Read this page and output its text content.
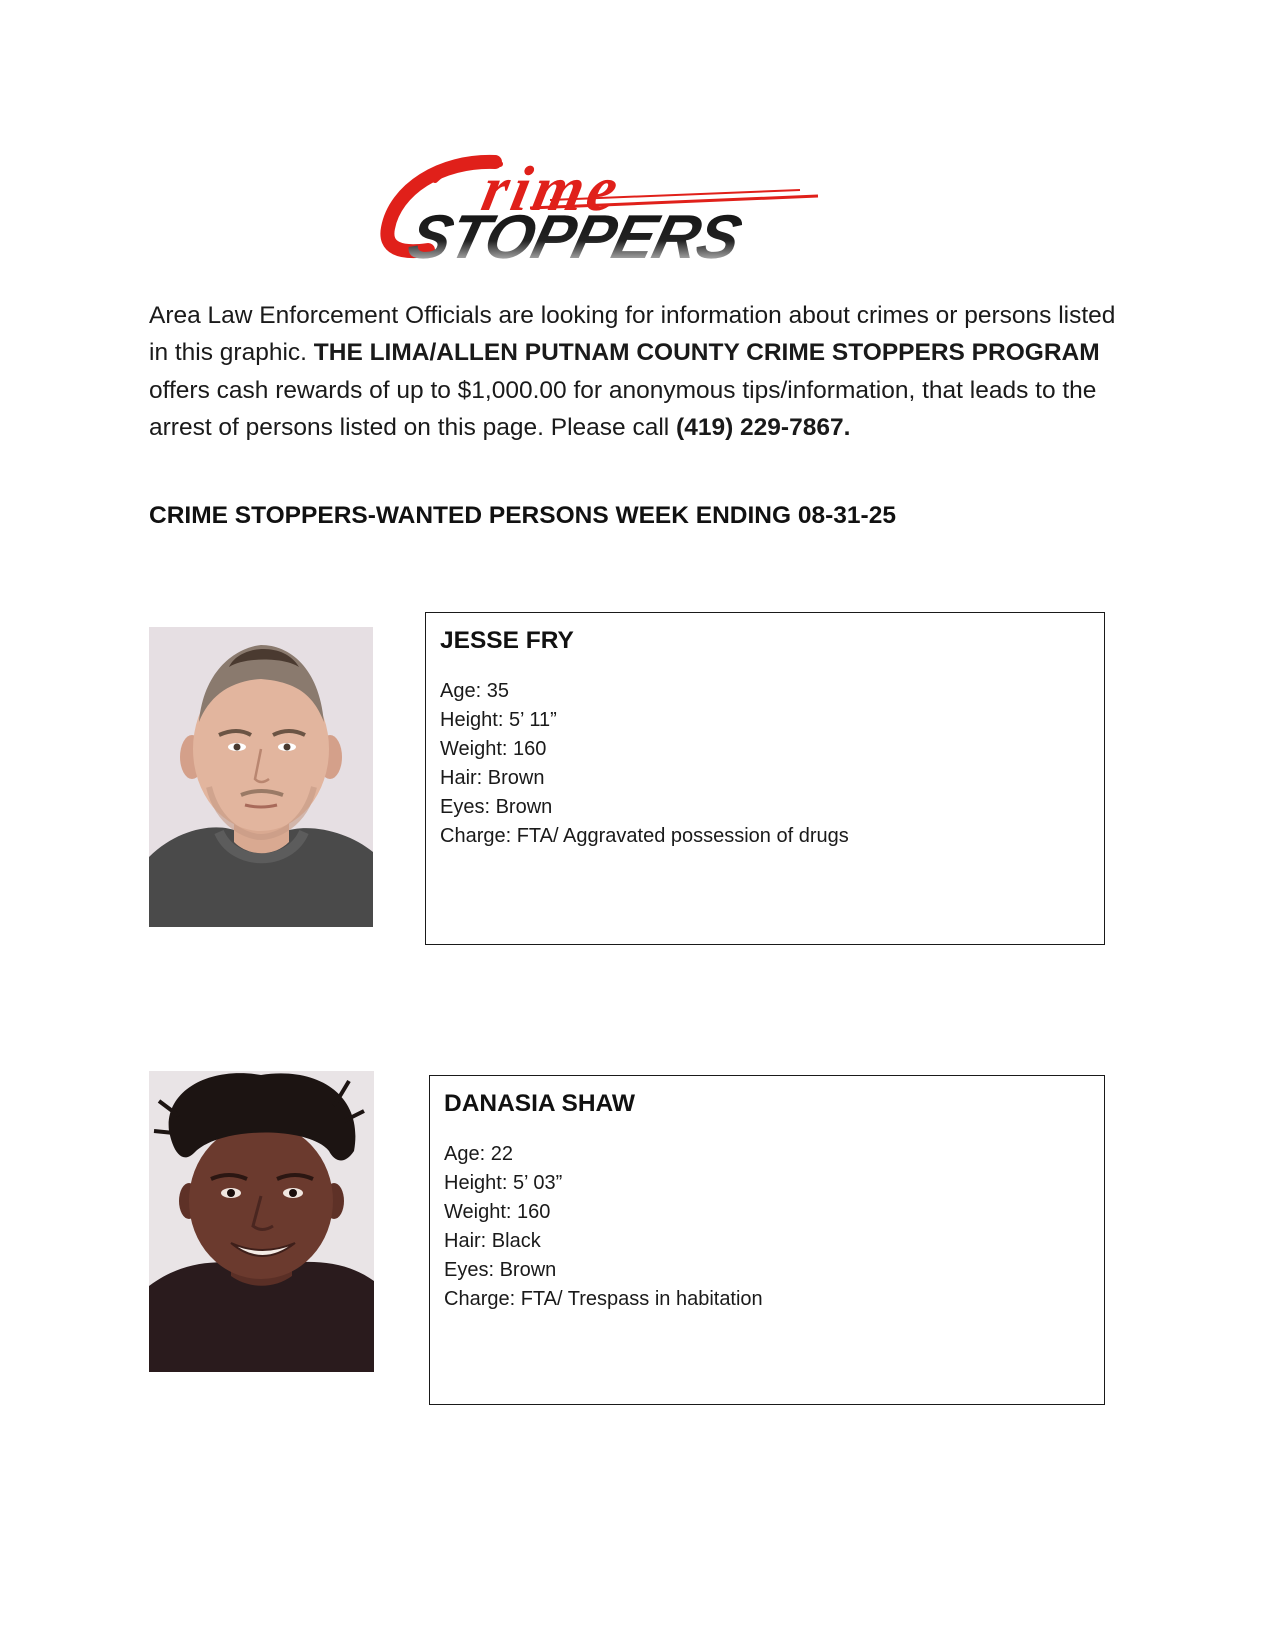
rime
STOPPERS
Area Law Enforcement Officials are looking for information about crimes or persons listed in this graphic. THE LIMA/ALLEN PUTNAM COUNTY CRIME STOPPERS PROGRAM offers cash rewards of up to $1,000.00 for anonymous tips/information, that leads to the arrest of persons listed on this page. Please call (419) 229-7867.
CRIME STOPPERS-WANTED PERSONS WEEK ENDING 08-31-25
JESSE FRY
Age: 35
Height: 5’ 11”
Weight: 160
Hair: Brown
Eyes: Brown
Charge: FTA/ Aggravated possession of drugs
DANASIA SHAW
Age: 22
Height: 5’ 03”
Weight: 160
Hair: Black
Eyes: Brown
Charge: FTA/ Trespass in habitation
